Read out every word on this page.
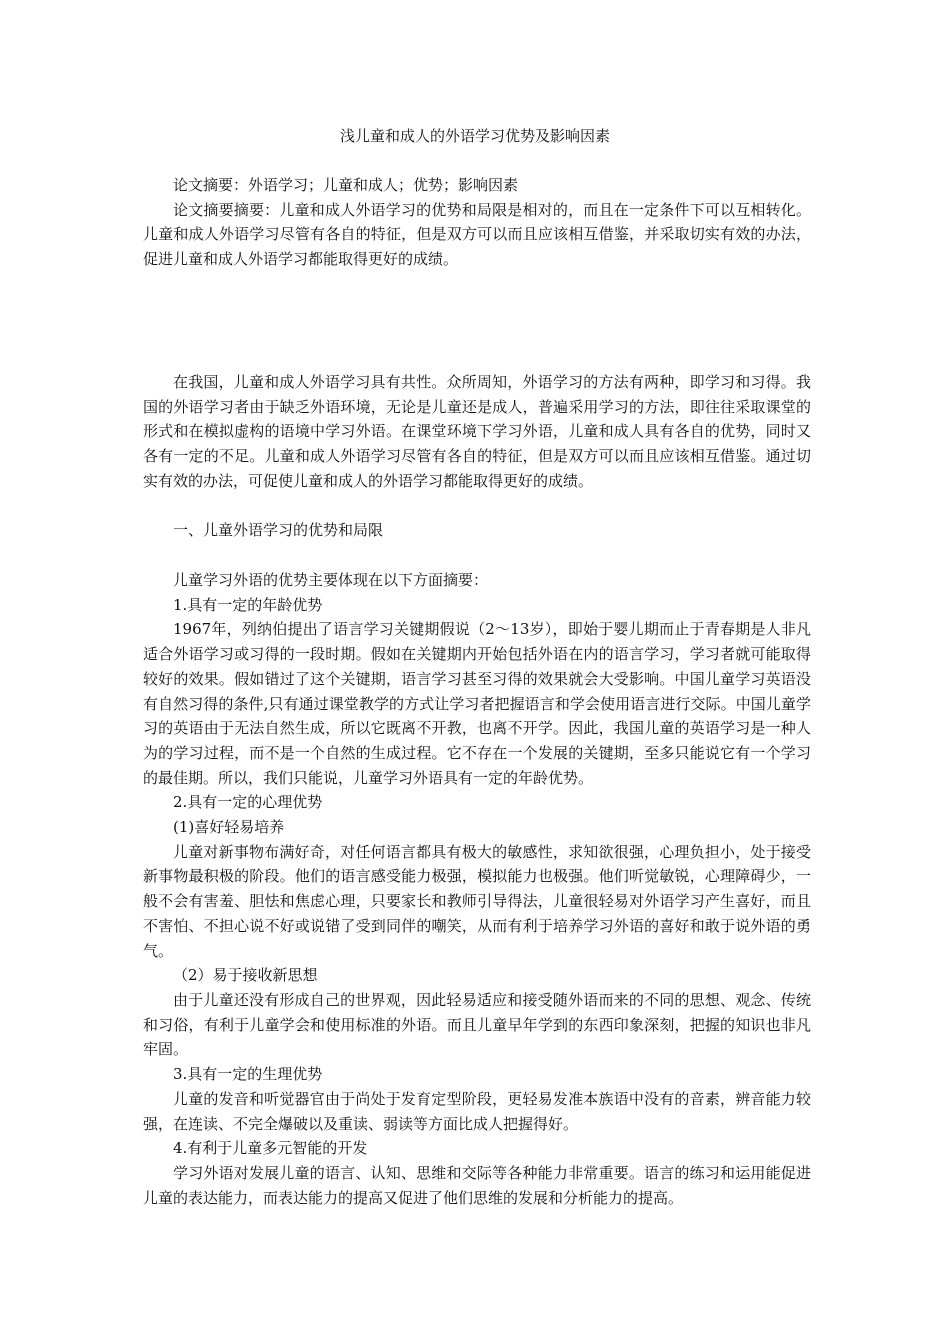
浅儿童和成人的外语学习优势及影响因素

论文摘要：外语学习；儿童和成人；优势；影响因素

论文摘要摘要：儿童和成人外语学习的优势和局限是相对的，而且在一定条件下可以互相转化。儿童和成人外语学习尽管有各自的特征，但是双方可以而且应该相互借鉴，并采取切实有效的办法，促进儿童和成人外语学习都能取得更好的成绩。

在我国，儿童和成人外语学习具有共性。众所周知，外语学习的方法有两种，即学习和习得。我国的外语学习者由于缺乏外语环境，无论是儿童还是成人，普遍采用学习的方法，即往往采取课堂的形式和在模拟虚构的语境中学习外语。在课堂环境下学习外语，儿童和成人具有各自的优势，同时又各有一定的不足。儿童和成人外语学习尽管有各自的特征，但是双方可以而且应该相互借鉴。通过切实有效的办法，可促使儿童和成人的外语学习都能取得更好的成绩。

一、儿童外语学习的优势和局限

儿童学习外语的优势主要体现在以下方面摘要：

1.具有一定的年龄优势

1967年，列纳伯提出了语言学习关键期假说（2～13岁），即始于婴儿期而止于青春期是人非凡适合外语学习或习得的一段时期。假如在关键期内开始包括外语在内的语言学习，学习者就可能取得较好的效果。假如错过了这个关键期，语言学习甚至习得的效果就会大受影响。中国儿童学习英语没有自然习得的条件,只有通过课堂教学的方式让学习者把握语言和学会使用语言进行交际。中国儿童学习的英语由于无法自然生成，所以它既离不开教，也离不开学。因此，我国儿童的英语学习是一种人为的学习过程，而不是一个自然的生成过程。它不存在一个发展的关键期，至多只能说它有一个学习的最佳期。所以，我们只能说，儿童学习外语具有一定的年龄优势。

2.具有一定的心理优势

(1)喜好轻易培养

儿童对新事物布满好奇，对任何语言都具有极大的敏感性，求知欲很强，心理负担小，处于接受新事物最积极的阶段。他们的语言感受能力极强，模拟能力也极强。他们听觉敏锐，心理障碍少，一般不会有害羞、胆怯和焦虑心理，只要家长和教师引导得法，儿童很轻易对外语学习产生喜好，而且不害怕、不担心说不好或说错了受到同伴的嘲笑，从而有利于培养学习外语的喜好和敢于说外语的勇气。

（2）易于接收新思想

由于儿童还没有形成自己的世界观，因此轻易适应和接受随外语而来的不同的思想、观念、传统和习俗，有利于儿童学会和使用标准的外语。而且儿童早年学到的东西印象深刻，把握的知识也非凡牢固。

3.具有一定的生理优势

儿童的发音和听觉器官由于尚处于发育定型阶段，更轻易发准本族语中没有的音素，辨音能力较强，在连读、不完全爆破以及重读、弱读等方面比成人把握得好。

4.有利于儿童多元智能的开发

学习外语对发展儿童的语言、认知、思维和交际等各种能力非常重要。语言的练习和运用能促进儿童的表达能力，而表达能力的提高又促进了他们思维的发展和分析能力的提高。
